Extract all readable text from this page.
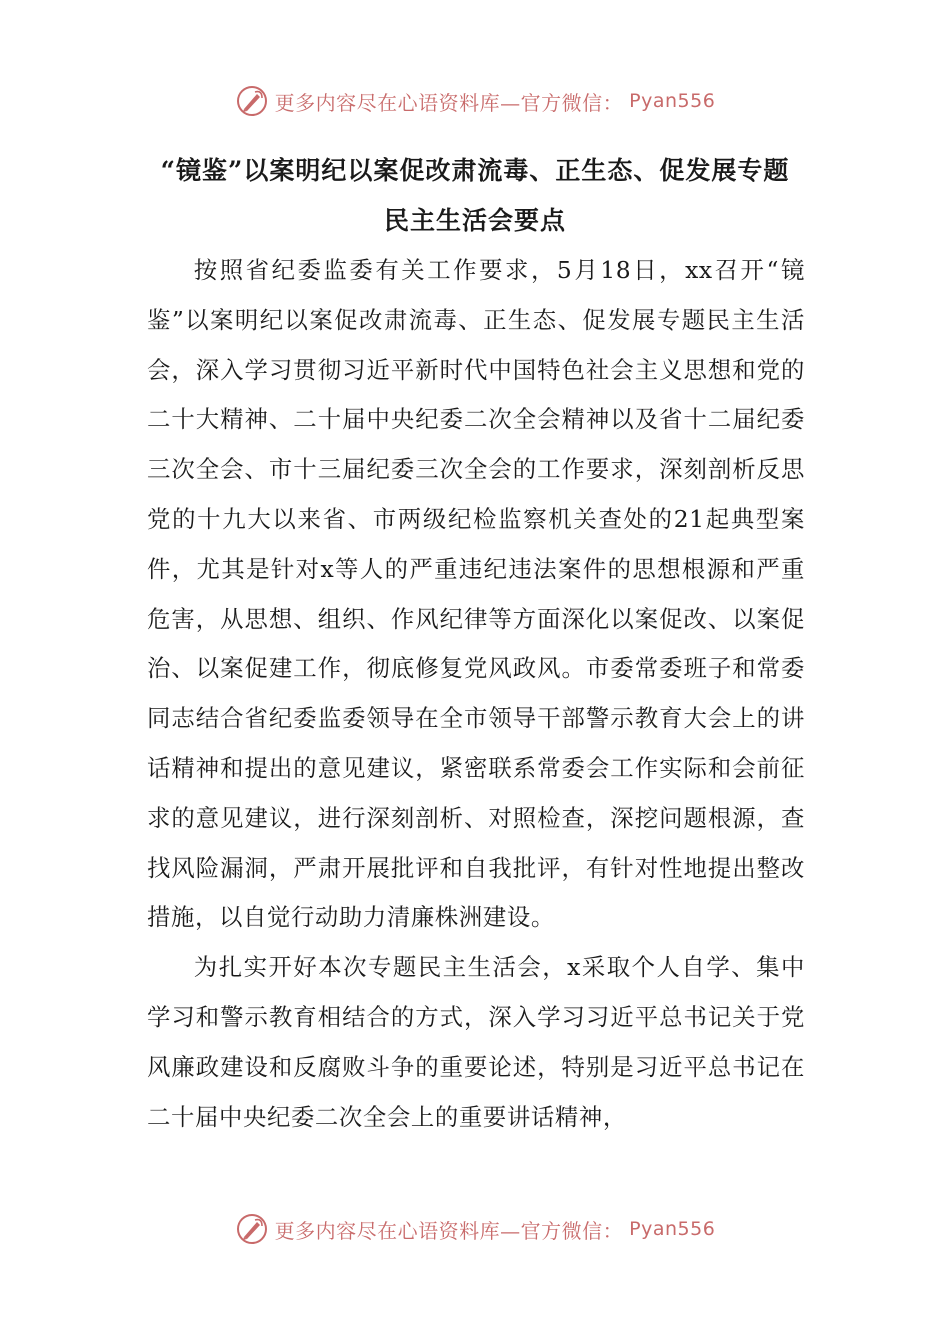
更多内容尽在心语资料库—官方微信： Pyan556
“镜鉴”以案明纪以案促改肃流毒、正生态、促发展专题
民主生活会要点

按照省纪委监委有关工作要求，5月18日，xx召开“镜鉴”以案明纪以案促改肃流毒、正生态、促发展专题民主生活会，深入学习贯彻习近平新时代中国特色社会主义思想和党的二十大精神、二十届中央纪委二次全会精神以及省十二届纪委三次全会、市十三届纪委三次全会的工作要求，深刻剖析反思党的十九大以来省、市两级纪检监察机关查处的21起典型案件，尤其是针对x等人的严重违纪违法案件的思想根源和严重危害，从思想、组织、作风纪律等方面深化以案促改、以案促治、以案促建工作，彻底修复党风政风。市委常委班子和常委同志结合省纪委监委领导在全市领导干部警示教育大会上的讲话精神和提出的意见建议，紧密联系常委会工作实际和会前征求的意见建议，进行深刻剖析、对照检查，深挖问题根源，查找风险漏洞，严肃开展批评和自我批评，有针对性地提出整改措施，以自觉行动助力清廉株洲建设。

为扎实开好本次专题民主生活会，x采取个人自学、集中学习和警示教育相结合的方式，深入学习习近平总书记关于党风廉政建设和反腐败斗争的重要论述，特别是习近平总书记在二十届中央纪委二次全会上的重要讲话精神，

更多内容尽在心语资料库—官方微信： Pyan556
